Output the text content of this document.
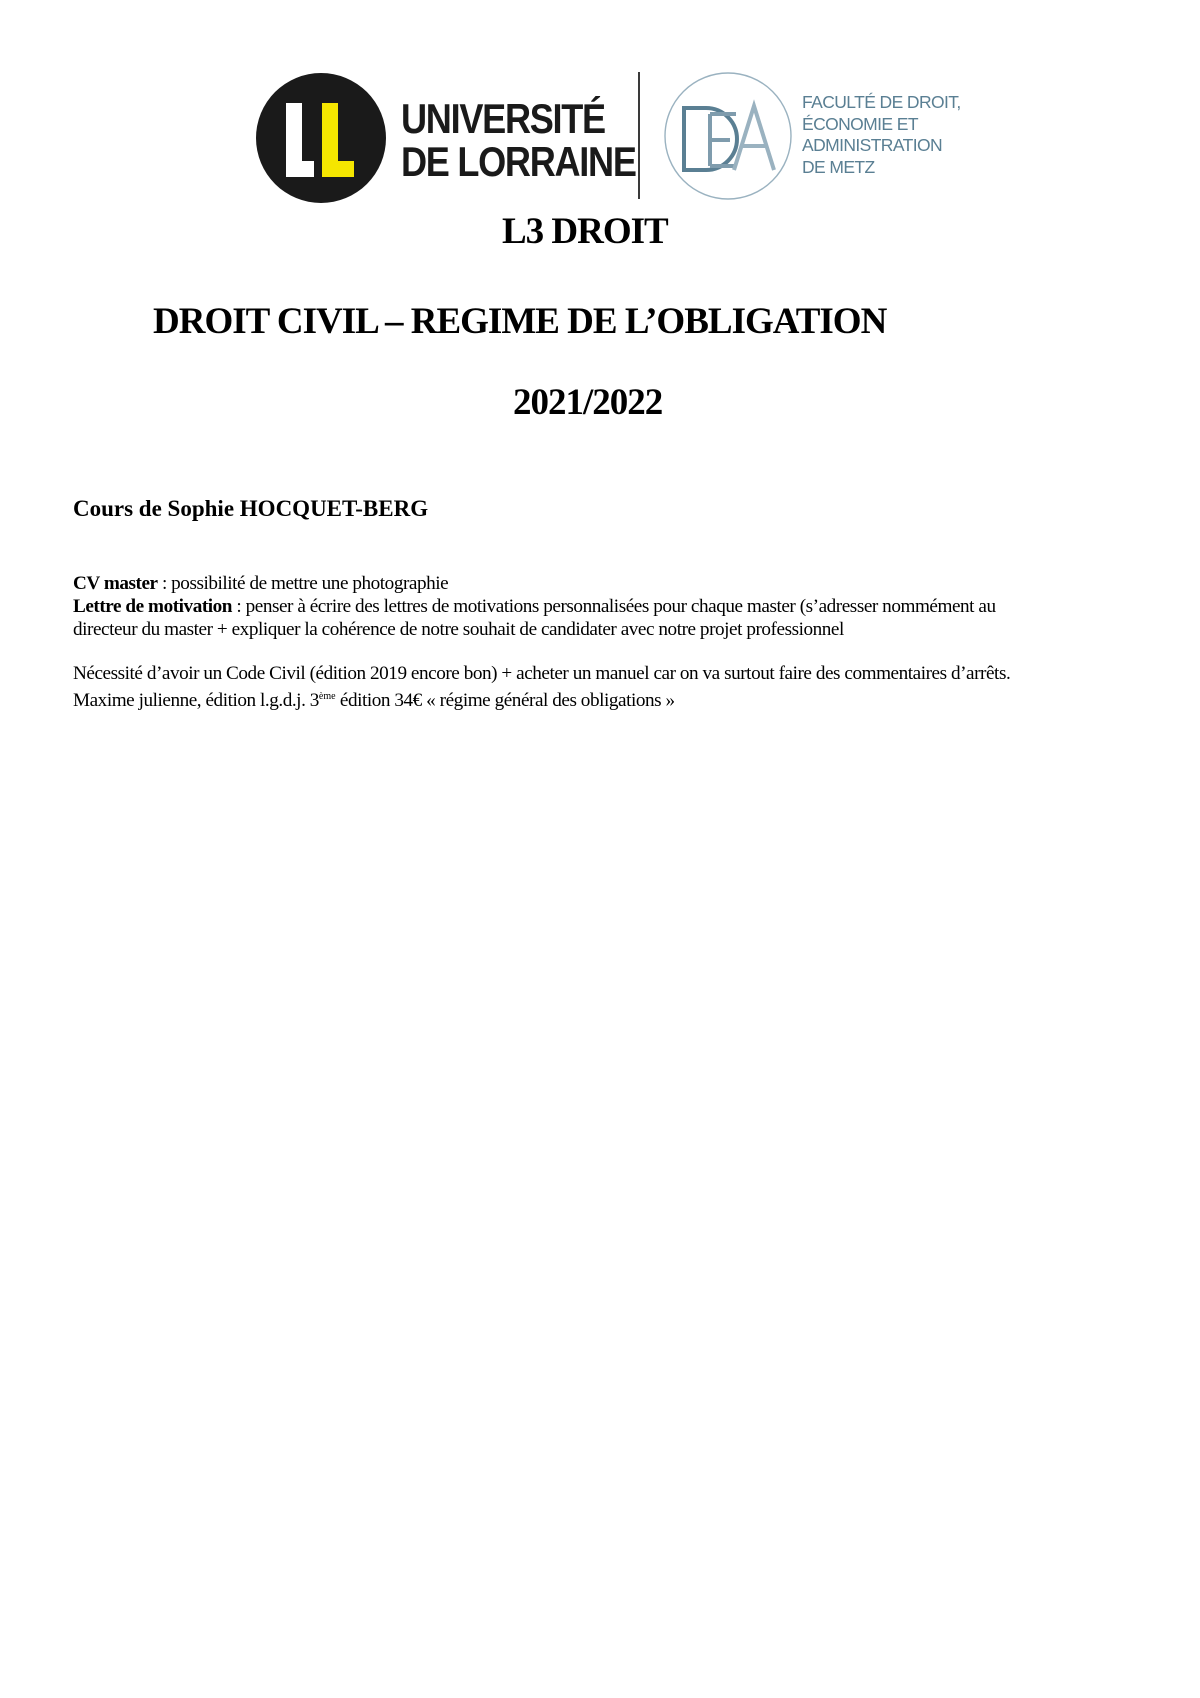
UNIVERSITÉ
DE LORRAINE
FACULTÉ DE DROIT,
ÉCONOMIE ET
ADMINISTRATION
DE METZ
L3 DROIT
DROIT CIVIL – REGIME DE L’OBLIGATION
2021/2022
Cours de Sophie HOCQUET-BERG
CV master : possibilité de mettre une photographie
Lettre de motivation : penser à écrire des lettres de motivations personnalisées pour chaque master (s’adresser nommément au
directeur du master + expliquer la cohérence de notre souhait de candidater avec notre projet professionnel
Nécessité d’avoir un Code Civil (édition 2019 encore bon) + acheter un manuel car on va surtout faire des commentaires d’arrêts.
Maxime julienne, édition l.g.d.j. 3ème édition 34€ « régime général des obligations »
